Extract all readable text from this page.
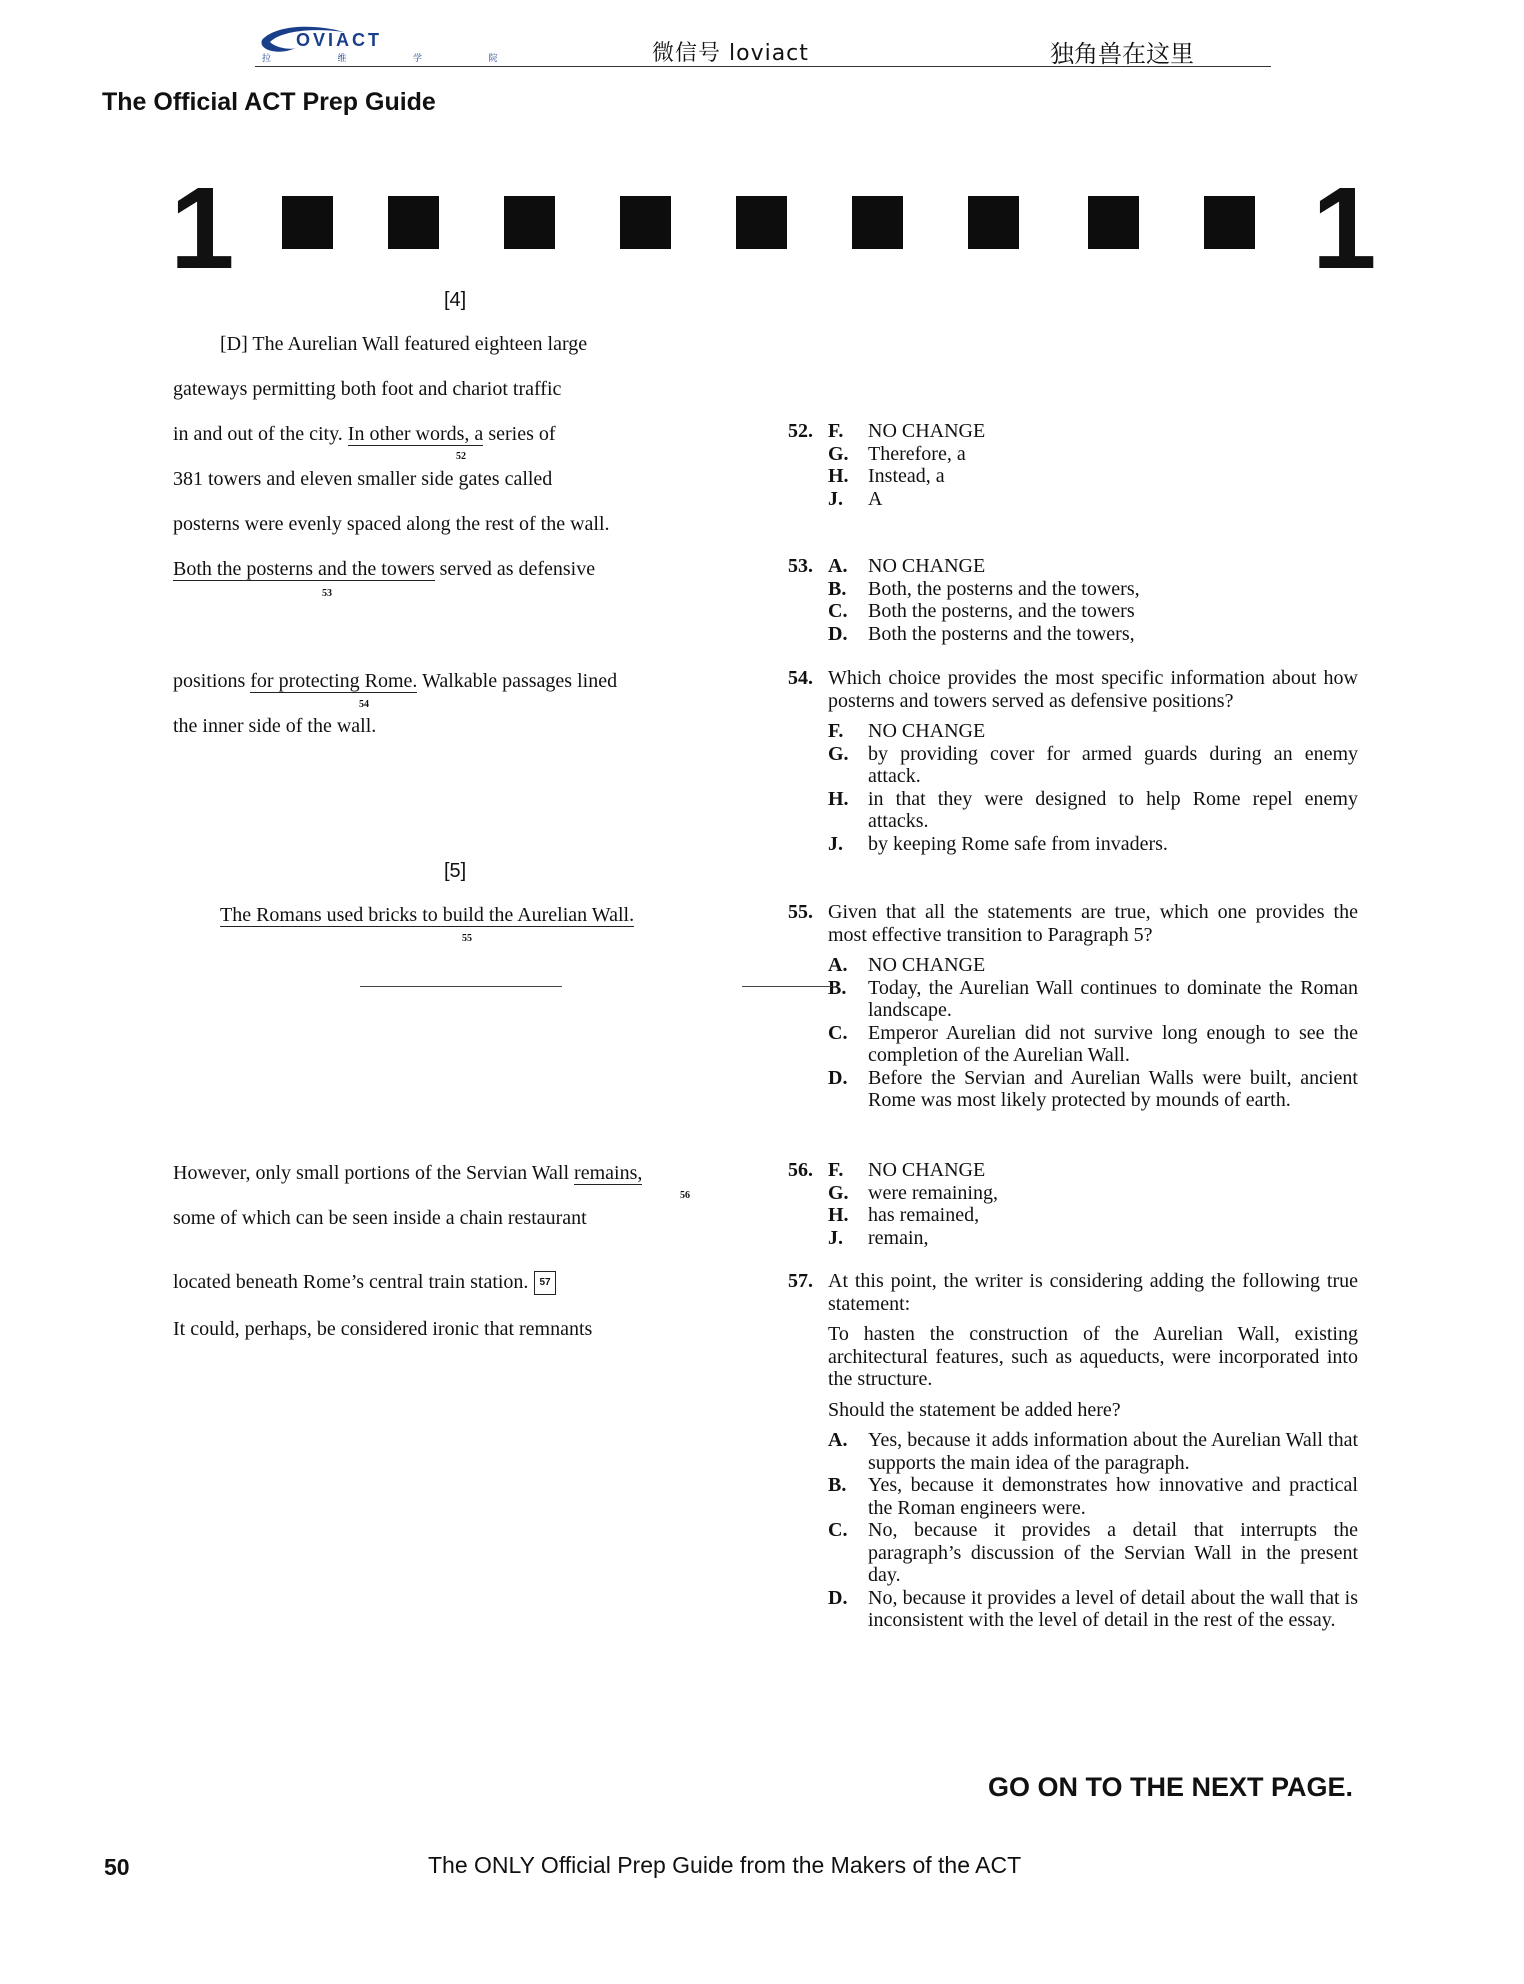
OVIACT
拉 维 学 院	微信号 loviact	独角兽在这里
The Official ACT Prep Guide
1	1
[4]
[D] The Aurelian Wall featured eighteen large
gateways permitting both foot and chariot traffic
in and out of the city. In other words, a series of
52
381 towers and eleven smaller side gates called
posterns were evenly spaced along the rest of the wall.
Both the posterns and the towers served as defensive
53
positions for protecting Rome. Walkable passages lined
54
the inner side of the wall.
[5]
The Romans used bricks to build the Aurelian Wall.
55
However, only small portions of the Servian Wall remains,
56
some of which can be seen inside a chain restaurant
located beneath Rome’s central train station. 57
It could, perhaps, be considered ironic that remnants
52. F.	NO CHANGE
G. Therefore, a
H. Instead, a
J.	A
53. A.	NO CHANGE
B.	Both, the posterns and the towers,
C.	Both the posterns, and the towers
D.	Both the posterns and the towers,
54. Which choice provides the most specific information about how posterns and towers served as defensive positions?
F.	NO CHANGE
G. by providing cover for armed guards during an enemy attack.
H. in that they were designed to help Rome repel enemy attacks.
J.	by keeping Rome safe from invaders.
55. Given that all the statements are true, which one provides the most effective transition to Paragraph 5?
A.	NO CHANGE
B.	Today, the Aurelian Wall continues to dominate the Roman landscape.
C.	Emperor Aurelian did not survive long enough to see the completion of the Aurelian Wall.
D.	Before the Servian and Aurelian Walls were built, ancient Rome was most likely protected by mounds of earth.
56. F.	NO CHANGE
G. were remaining,
H. has remained,
J.	remain,
57. At this point, the writer is considering adding the following true statement:
To hasten the construction of the Aurelian Wall, existing architectural features, such as aqueducts, were incorporated into the structure.
Should the statement be added here?
A.	Yes, because it adds information about the Aurelian Wall that supports the main idea of the paragraph.
B.	Yes, because it demonstrates how innovative and practical the Roman engineers were.
C.	No, because it provides a detail that interrupts the paragraph’s discussion of the Servian Wall in the present day.
D.	No, because it provides a level of detail about the wall that is inconsistent with the level of detail in the rest of the essay.
GO ON TO THE NEXT PAGE.
50	The ONLY Official Prep Guide from the Makers of the ACT
